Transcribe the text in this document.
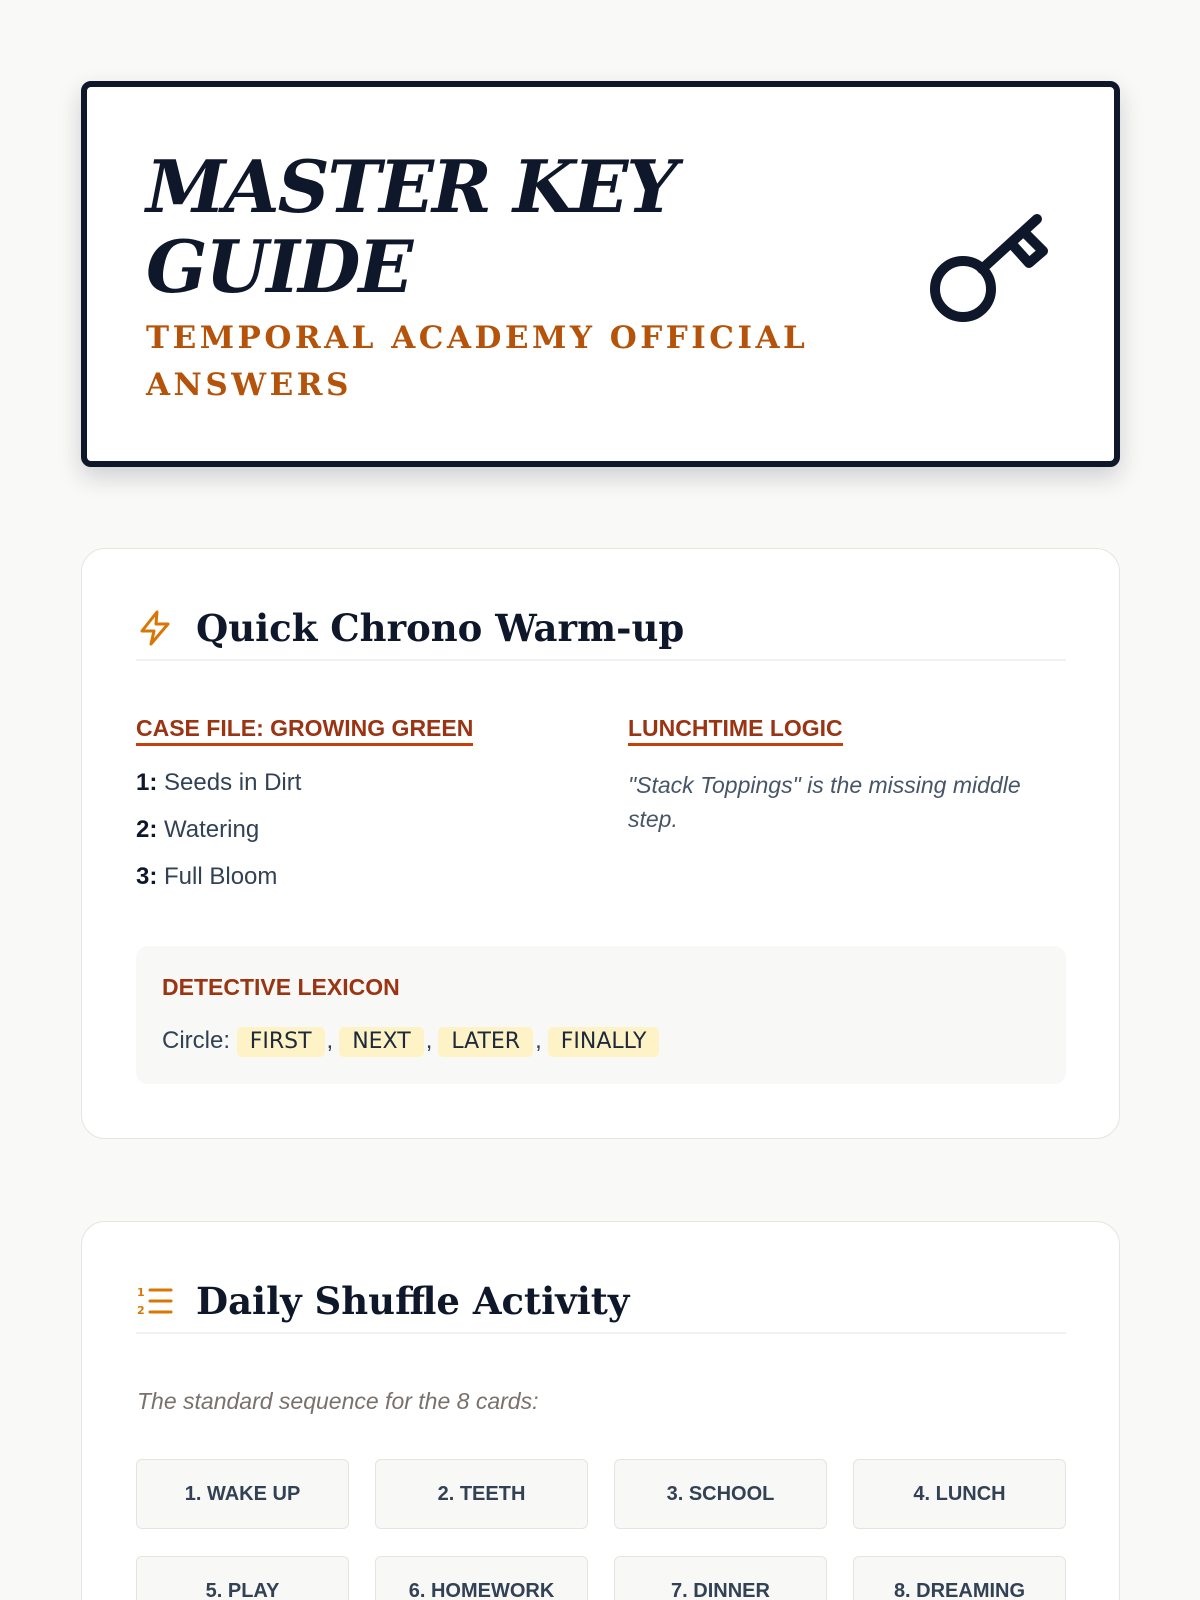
MASTER KEY GUIDE
TEMPORAL ACADEMY OFFICIAL ANSWERS
Quick Chrono Warm-up
CASE FILE: GROWING GREEN
1: Seeds in Dirt
2: Watering
3: Full Bloom
LUNCHTIME LOGIC

"Stack Toppings" is the missing middle step.

DETECTIVE LEXICON
Circle: FIRST , NEXT , LATER , FINALLY
1
2 Daily Shuffle Activity

The standard sequence for the 8 cards:

1. WAKE UP	2. TEETH	3. SCHOOL	4. LUNCH
5. PLAY	6. HOMEWORK	7. DINNER	8. DREAMING
